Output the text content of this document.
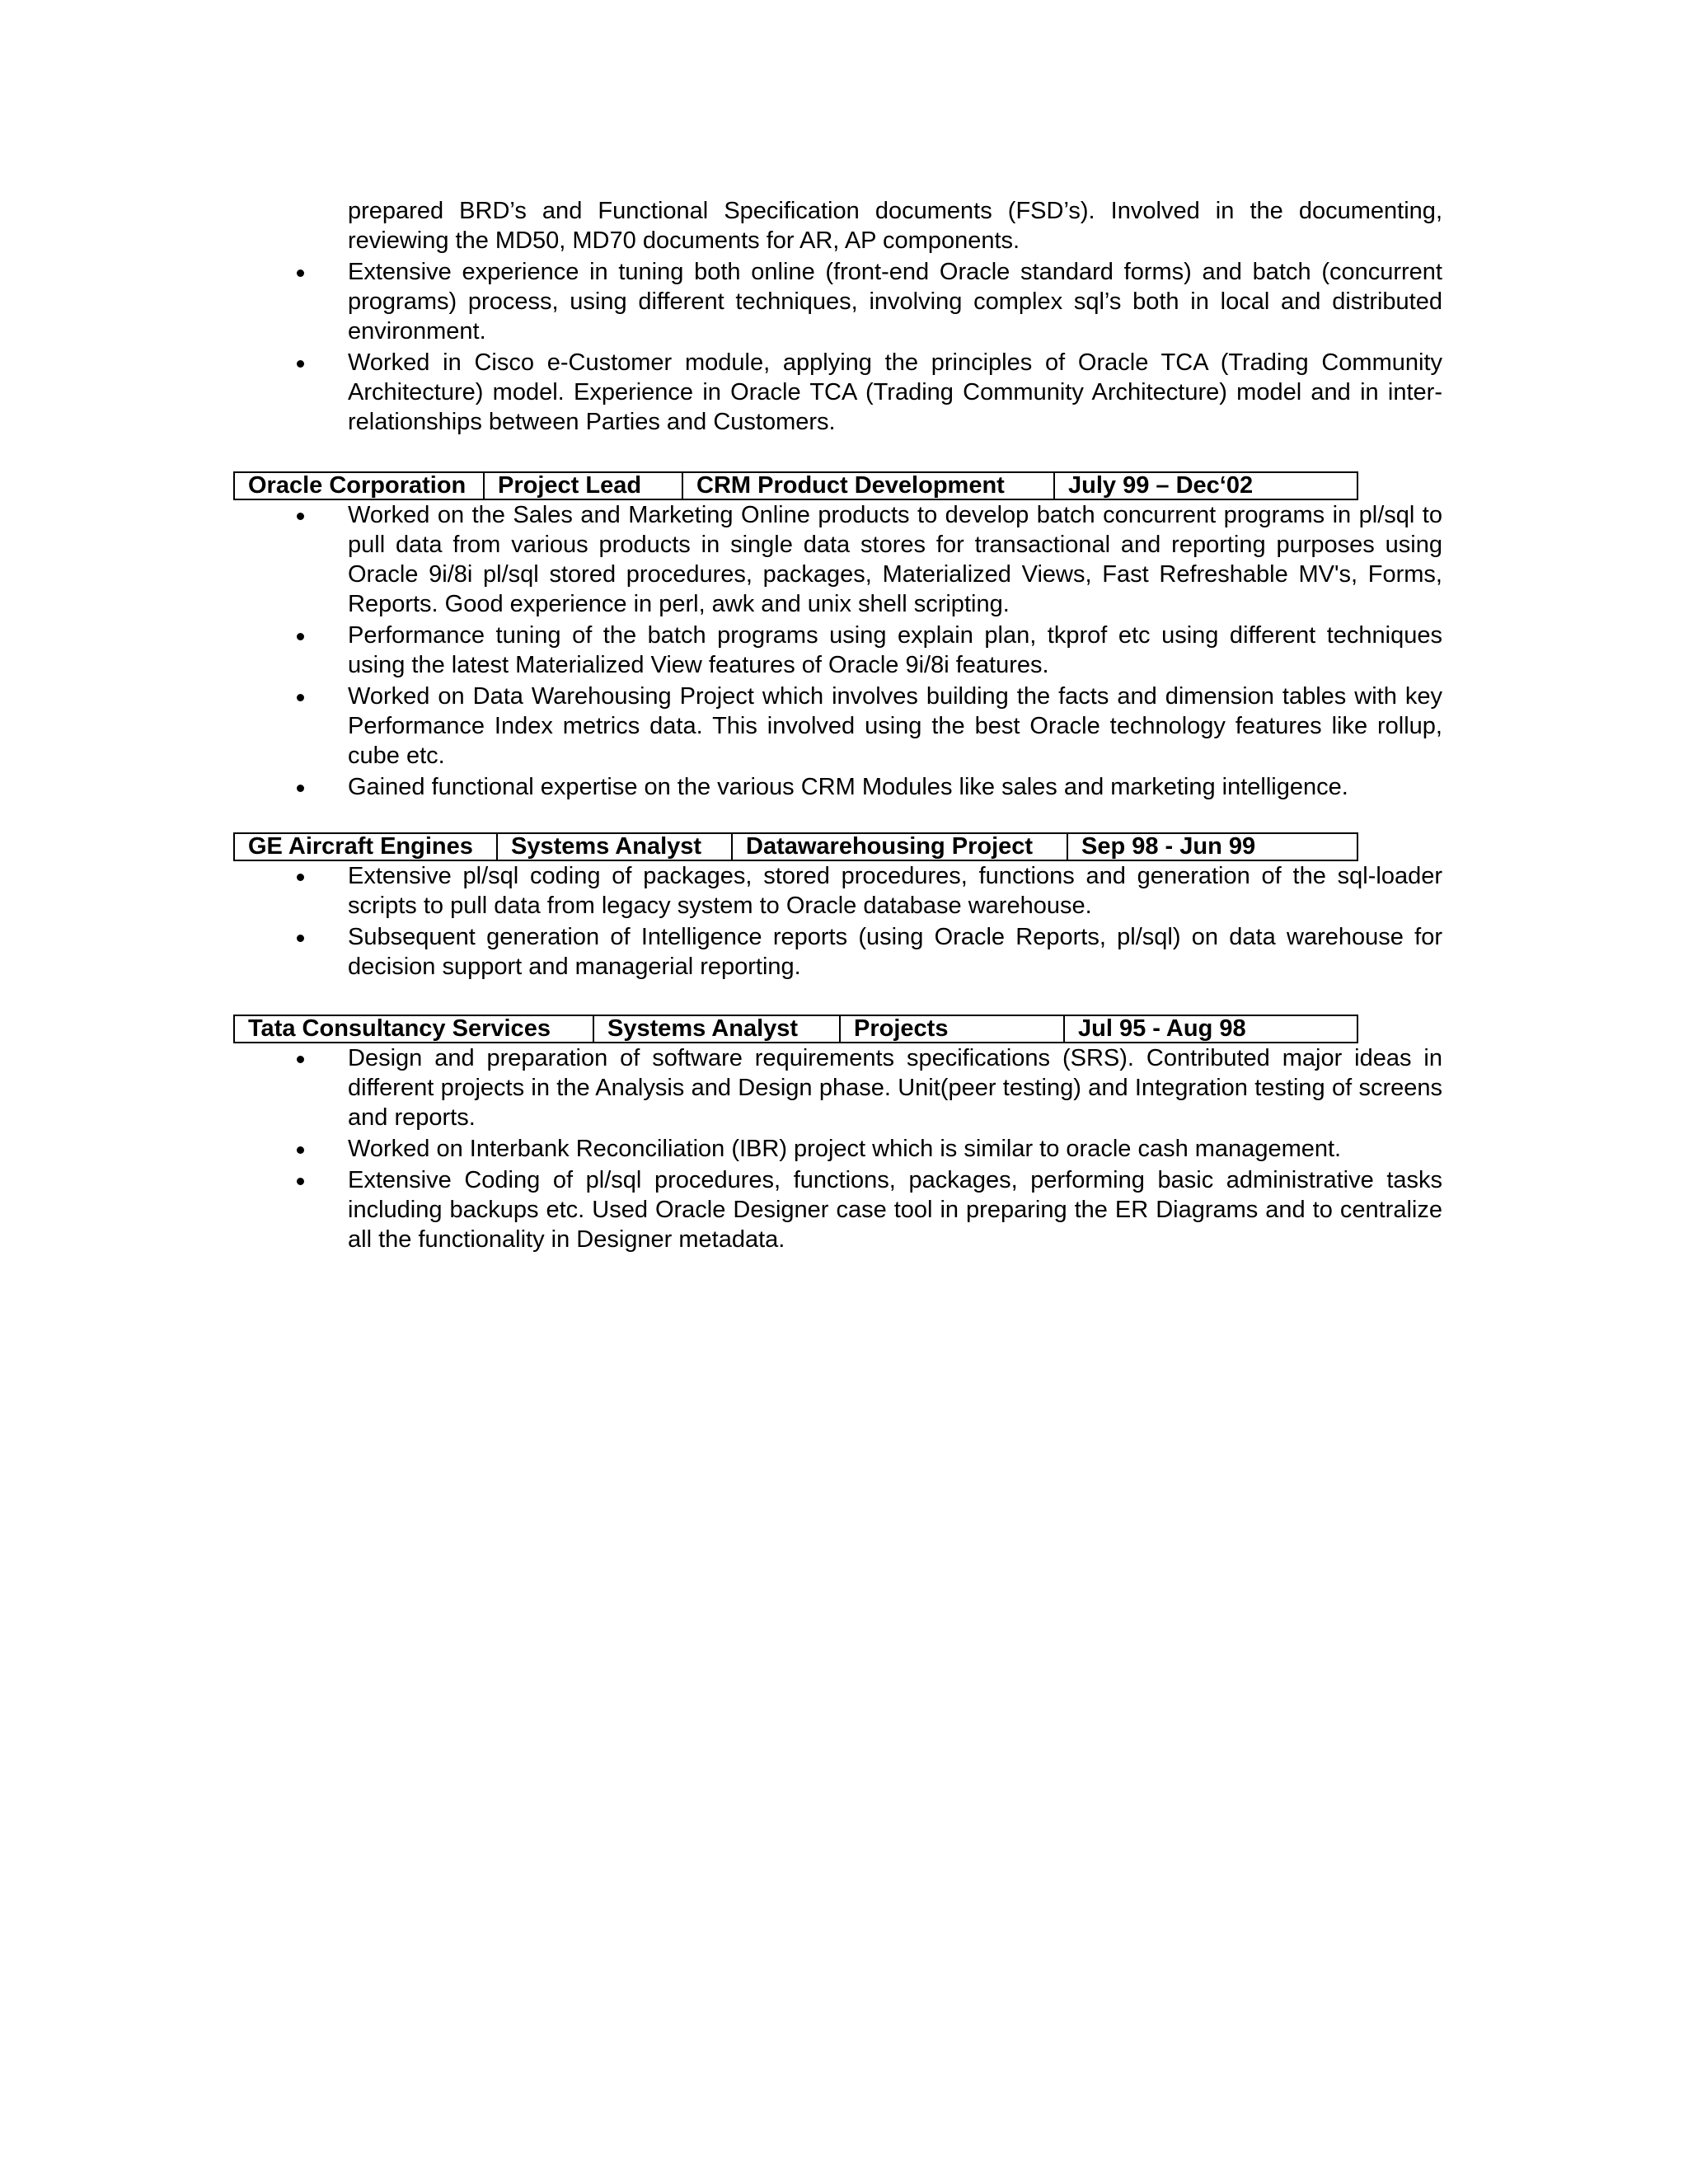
prepared BRD’s and Functional Specification documents (FSD’s). Involved in the documenting, reviewing the MD50, MD70 documents for AR, AP components.

Extensive experience in tuning both online (front-end Oracle standard forms) and batch (concurrent programs) process, using different techniques, involving complex sql’s both in local and distributed environment.
Worked in Cisco e-Customer module, applying the principles of Oracle TCA (Trading Community Architecture) model. Experience in Oracle TCA (Trading Community Architecture) model and in inter-relationships between Parties and Customers.
Oracle Corporation	Project Lead	CRM Product Development	July 99 – Dec‘02
Worked on the Sales and Marketing Online products to develop batch concurrent programs in pl/sql to pull data from various products in single data stores for transactional and reporting purposes using Oracle 9i/8i pl/sql stored procedures, packages, Materialized Views, Fast Refreshable MV's, Forms, Reports. Good experience in perl, awk and unix shell scripting.
Performance tuning of the batch programs using explain plan, tkprof etc using different techniques using the latest Materialized View features of Oracle 9i/8i features.
Worked on Data Warehousing Project which involves building the facts and dimension tables with key Performance Index metrics data. This involved using the best Oracle technology features like rollup, cube etc.
Gained functional expertise on the various CRM Modules like sales and marketing intelligence.
GE Aircraft Engines	Systems Analyst	Datawarehousing Project	Sep 98 - Jun 99
Extensive pl/sql coding of packages, stored procedures, functions and generation of the sql-loader scripts to pull data from legacy system to Oracle database warehouse.
Subsequent generation of Intelligence reports (using Oracle Reports, pl/sql) on data warehouse for decision support and managerial reporting.
Tata Consultancy Services	Systems Analyst	Projects	Jul 95 - Aug 98
Design and preparation of software requirements specifications (SRS). Contributed major ideas in different projects in the Analysis and Design phase. Unit(peer testing) and Integration testing of screens and reports.
Worked on Interbank Reconciliation (IBR) project which is similar to oracle cash management.
Extensive Coding of pl/sql procedures, functions, packages, performing basic administrative tasks including backups etc. Used Oracle Designer case tool in preparing the ER Diagrams and to centralize all the functionality in Designer metadata.
